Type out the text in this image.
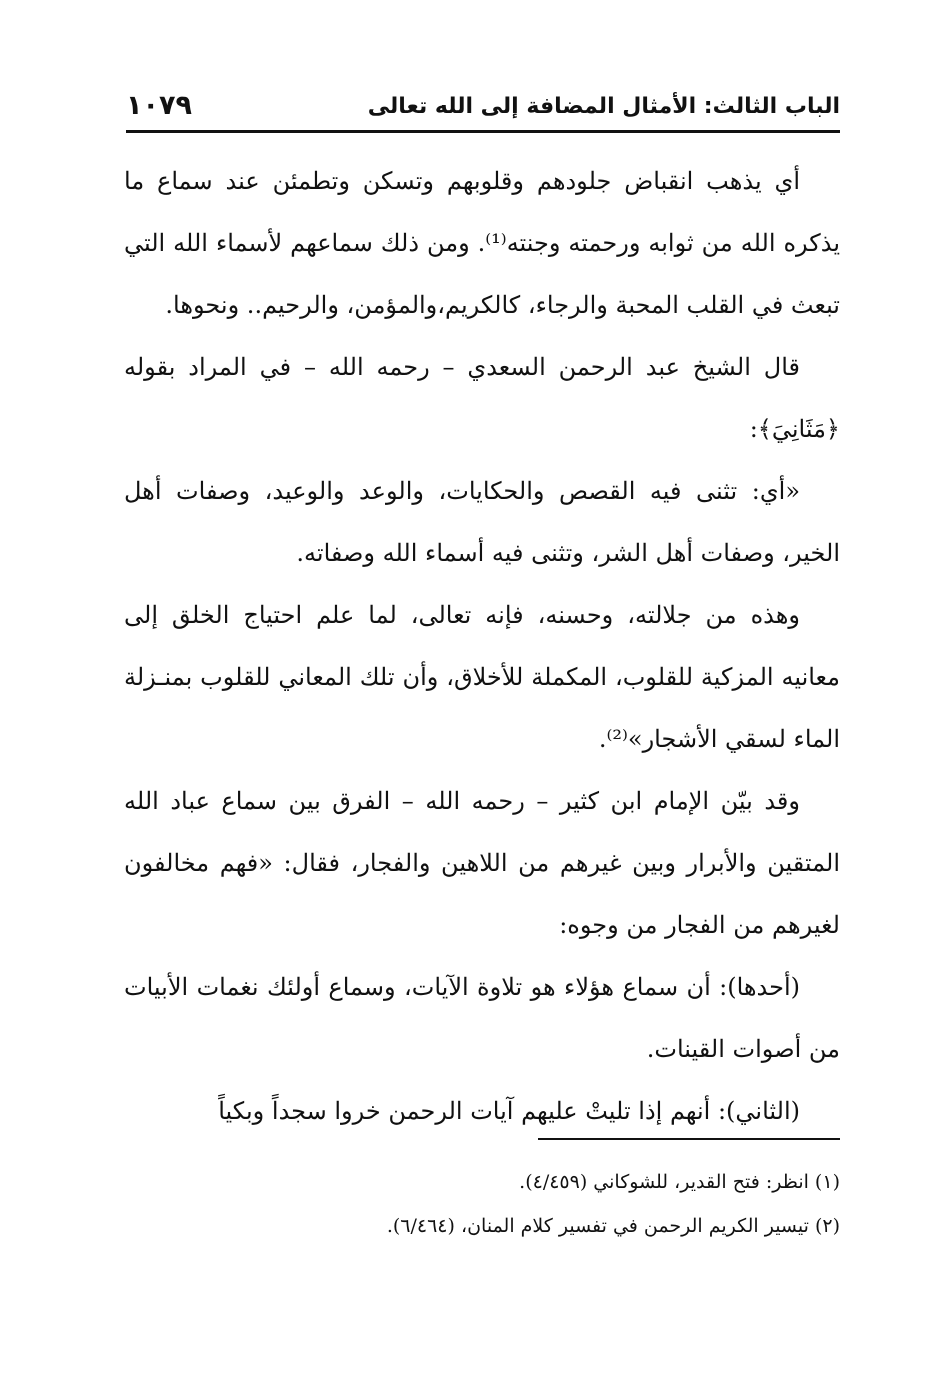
الباب الثالث: الأمثال المضافة إلى الله تعالى
١٠٧٩

أي يذهب انقباض جلودهم وقلوبهم وتسكن وتطمئن عند سماع ما يذكره الله من ثوابه ورحمته وجنته⁽¹⁾. ومن ذلك سماعهم لأسماء الله التي تبعث في القلب المحبة والرجاء، كالكريم،والمؤمن، والرحيم.. ونحوها.

قال الشيخ عبد الرحمن السعدي – رحمه الله – في المراد بقوله ﴿مَثَانِيَ﴾:

«أي: تثنى فيه القصص والحكايات، والوعد والوعيد، وصفات أهل الخير، وصفات أهل الشر، وتثنى فيه أسماء الله وصفاته.

وهذه من جلالته، وحسنه، فإنه تعالى، لما علم احتياج الخلق إلى معانيه المزكية للقلوب، المكملة للأخلاق، وأن تلك المعاني للقلوب بمنـزلة الماء لسقي الأشجار»⁽²⁾.

وقد بيّن الإمام ابن كثير – رحمه الله – الفرق بين سماع عباد الله المتقين والأبرار وبين غيرهم من اللاهين والفجار، فقال: «فهم مخالفون لغيرهم من الفجار من وجوه:

(أحدها): أن سماع هؤلاء هو تلاوة الآيات، وسماع أولئك نغمات الأبيات من أصوات القينات.

(الثاني): أنهم إذا تليتْ عليهم آيات الرحمن خروا سجداً وبكياً

(١) انظر: فتح القدير، للشوكاني (٤/٤٥٩).

(٢) تيسير الكريم الرحمن في تفسير كلام المنان، (٦/٤٦٤).
